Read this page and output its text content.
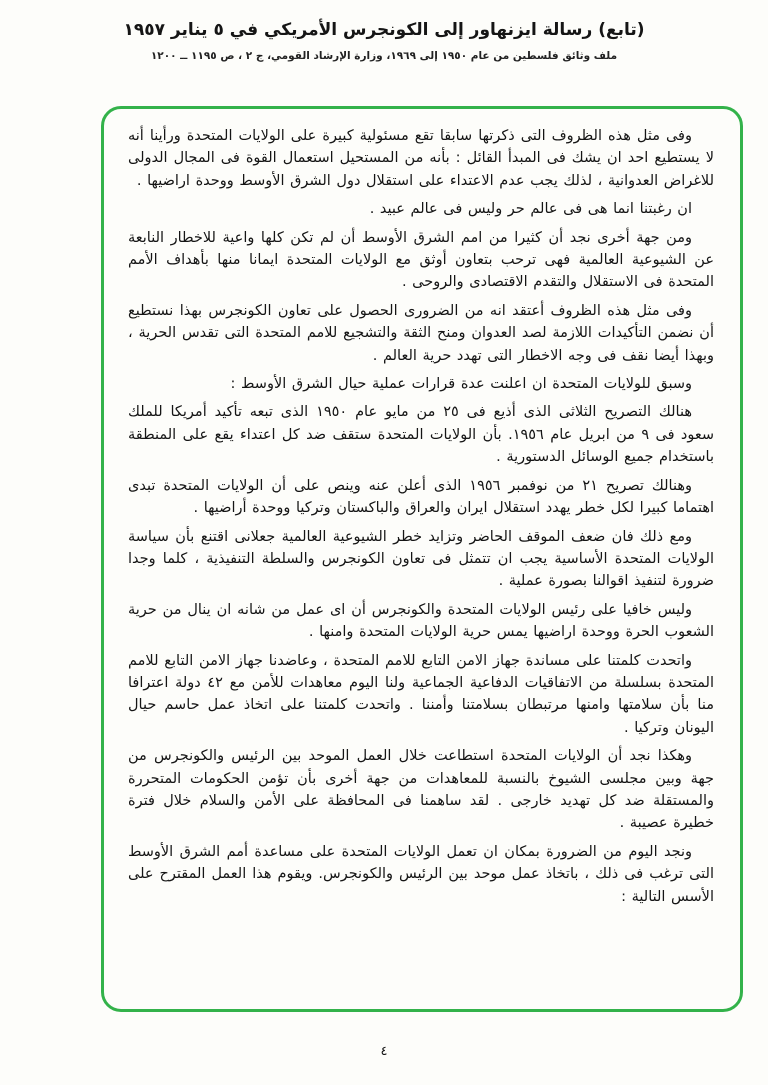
(تابع) رسالة ايزنهاور إلى الكونجرس الأمريكي في ٥ يناير ١٩٥٧
ملف وثائق فلسطين من عام ١٩٥٠ إلى ١٩٦٩، وزارة الإرشاد القومي، ج ٢ ، ص ١١٩٥ ــ ١٢٠٠

وفى مثل هذه الظروف التى ذكرتها سابقا تقع مسئولية كبيرة على الولايات المتحدة ورأينا أنه لا يستطيع احد ان يشك فى المبدأ القائل : بأنه من المستحيل استعمال القوة فى المجال الدولى للاغراض العدوانية ، لذلك يجب عدم الاعتداء على استقلال دول الشرق الأوسط ووحدة اراضيها .

ان رغبتنا انما هى فى عالم حر وليس فى عالم عبيد .

ومن جهة أخرى نجد أن كثيرا من امم الشرق الأوسط أن لم تكن كلها واعية للاخطار النابعة عن الشيوعية العالمية فهى ترحب بتعاون أوثق مع الولايات المتحدة ايمانا منها بأهداف الأمم المتحدة فى الاستقلال والتقدم الاقتصادى والروحى .

وفى مثل هذه الظروف أعتقد انه من الضرورى الحصول على تعاون الكونجرس بهذا نستطيع أن نضمن التأكيدات اللازمة لصد العدوان ومنح الثقة والتشجيع للامم المتحدة التى تقدس الحرية ، وبهذا أيضا نقف فى وجه الاخطار التى تهدد حرية العالم .

وسبق للولايات المتحدة ان اعلنت عدة قرارات عملية حيال الشرق الأوسط :

هنالك التصريح الثلاثى الذى أذيع فى ٢٥ من مايو عام ١٩٥٠ الذى تبعه تأكيد أمريكا للملك سعود فى ٩ من ابريل عام ١٩٥٦. بأن الولايات المتحدة ستقف ضد كل اعتداء يقع على المنطقة باستخدام جميع الوسائل الدستورية .

وهنالك تصريح ٢١ من نوفمبر ١٩٥٦ الذى أعلن عنه وينص على أن الولايات المتحدة تبدى اهتماما كبيرا لكل خطر يهدد استقلال ايران والعراق والباكستان وتركيا ووحدة أراضيها .

ومع ذلك فان ضعف الموقف الحاضر وتزايد خطر الشيوعية العالمية جعلانى اقتنع بأن سياسة الولايات المتحدة الأساسية يجب ان تتمثل فى تعاون الكونجرس والسلطة التنفيذية ، كلما وجدا ضرورة لتنفيذ اقوالنا بصورة عملية .

وليس خافيا على رئيس الولايات المتحدة والكونجرس أن اى عمل من شانه ان ينال من حرية الشعوب الحرة ووحدة اراضيها يمس حرية الولايات المتحدة وامنها .

واتحدت كلمتنا على مساندة جهاز الامن التابع للامم المتحدة ، وعاضدنا جهاز الامن التابع للامم المتحدة بسلسلة من الاتفاقيات الدفاعية الجماعية ولنا اليوم معاهدات للأمن مع ٤٢ دولة اعترافا منا بأن سلامتها وامنها مرتبطان بسلامتنا وأمننا . واتحدت كلمتنا على اتخاذ عمل حاسم حيال اليونان وتركيا .

وهكذا نجد أن الولايات المتحدة استطاعت خلال العمل الموحد بين الرئيس والكونجرس من جهة وبين مجلسى الشيوخ بالنسبة للمعاهدات من جهة أخرى بأن تؤمن الحكومات المتحررة والمستقلة ضد كل تهديد خارجى . لقد ساهمنا فى المحافظة على الأمن والسلام خلال فترة خطيرة عصيبة .

ونجد اليوم من الضرورة بمكان ان تعمل الولايات المتحدة على مساعدة أمم الشرق الأوسط التى ترغب فى ذلك ، باتخاذ عمل موحد بين الرئيس والكونجرس. ويقوم هذا العمل المقترح على الأسس التالية :

٤
